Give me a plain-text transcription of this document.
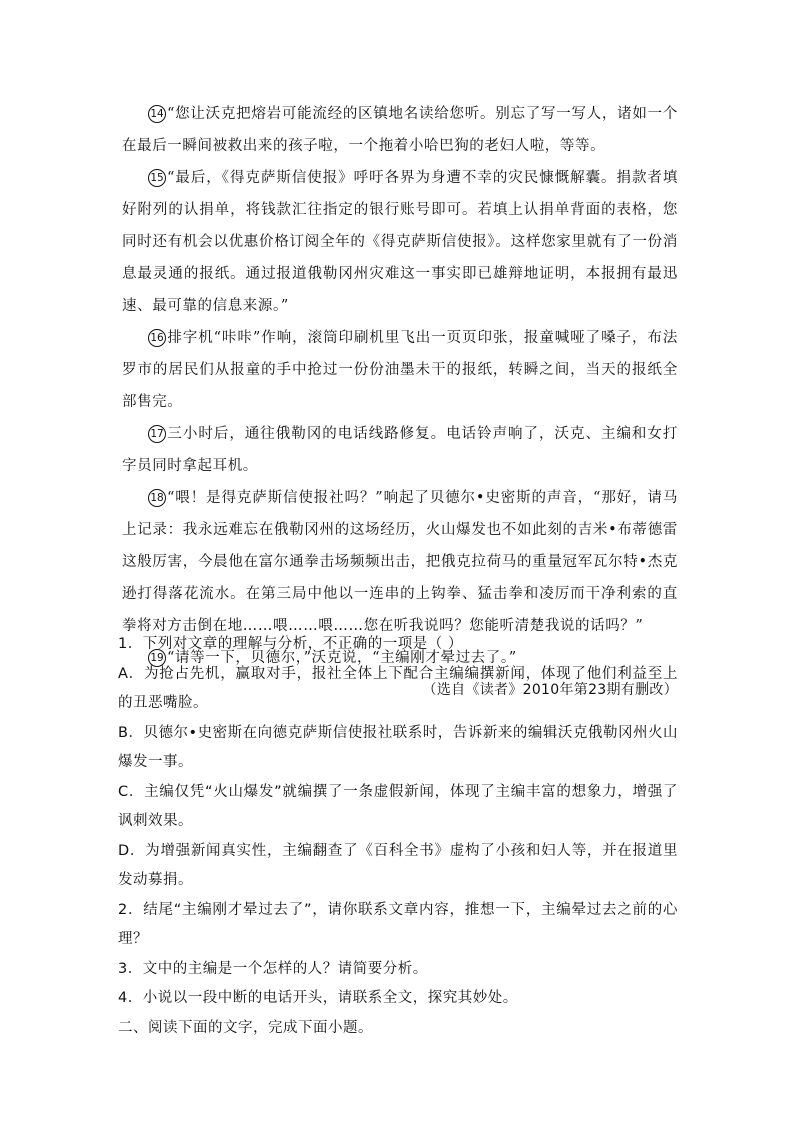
14 “您让沃克把熔岩可能流经的区镇地名读给您听。别忘了写一写人，诸如一个在最后一瞬间被救出来的孩子啦，一个拖着小哈巴狗的老妇人啦，等等。

15 “最后，《得克萨斯信使报》呼吁各界为身遭不幸的灾民慷慨解囊。捐款者填好附列的认捐单，将钱款汇往指定的银行账号即可。若填上认捐单背面的表格，您同时还有机会以优惠价格订阅全年的《得克萨斯信使报》。这样您家里就有了一份消息最灵通的报纸。通过报道俄勒冈州灾难这一事实即已雄辩地证明，本报拥有最迅速、最可靠的信息来源。”

16 排字机“咔咔”作响，滚筒印刷机里飞出一页页印张，报童喊哑了嗓子，布法罗市的居民们从报童的手中抢过一份份油墨未干的报纸，转瞬之间，当天的报纸全部售完。

17 三小时后，通往俄勒冈的电话线路修复。电话铃声响了，沃克、主编和女打字员同时拿起耳机。

18 “喂！是得克萨斯信使报社吗？”响起了贝德尔•史密斯的声音，“那好，请马上记录：我永远难忘在俄勒冈州的这场经历，火山爆发也不如此刻的吉米•布蒂德雷这般厉害，今晨他在富尔通拳击场频频出击，把俄克拉荷马的重量冠军瓦尔特•杰克逊打得落花流水。在第三局中他以一连串的上钩拳、猛击拳和凌厉而干净利索的直拳将对方击倒在地……喂……喂……您在听我说吗？您能听清楚我说的话吗？”

19 “请等一下，贝德尔，”沃克说，“主编刚才晕过去了。”

（选自《读者》2010年第23期有删改）

1．下列对文章的理解与分析，不正确的一项是（ ）

A．为抢占先机，赢取对手，报社全体上下配合主编编撰新闻，体现了他们利益至上的丑恶嘴脸。

B．贝德尔•史密斯在向德克萨斯信使报社联系时，告诉新来的编辑沃克俄勒冈州火山爆发一事。

C．主编仅凭“火山爆发”就编撰了一条虚假新闻，体现了主编丰富的想象力，增强了讽刺效果。

D．为增强新闻真实性，主编翻查了《百科全书》虚构了小孩和妇人等，并在报道里发动募捐。

2．结尾“主编刚才晕过去了”，请你联系文章内容，推想一下，主编晕过去之前的心理？

3．文中的主编是一个怎样的人？请简要分析。

4．小说以一段中断的电话开头，请联系全文，探究其妙处。

二、阅读下面的文字，完成下面小题。
